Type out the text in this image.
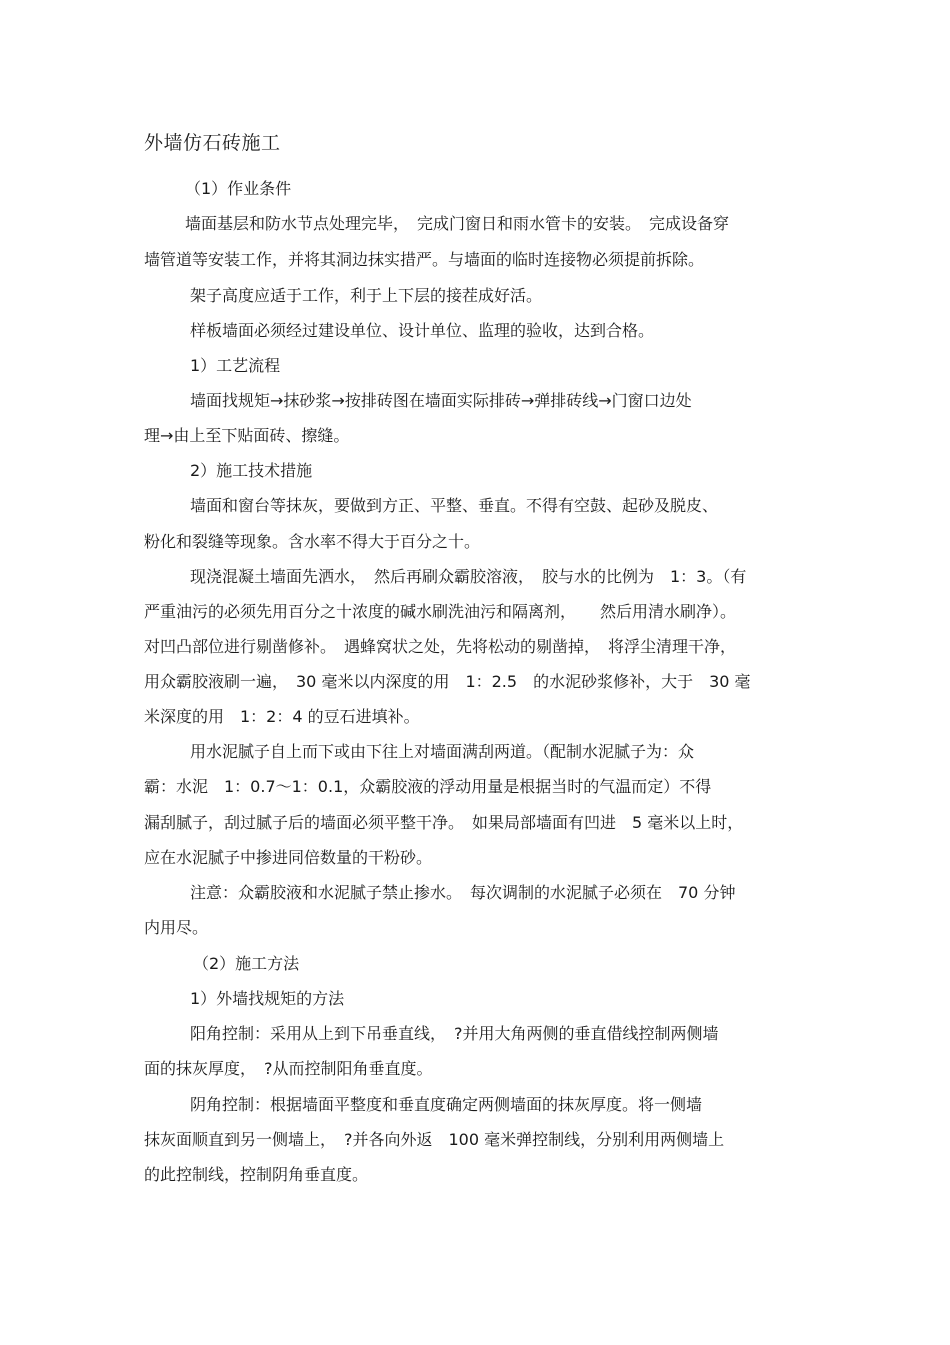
外墙仿石砖施工
（1）作业条件
墙面基层和防水节点处理完毕，　完成门窗日和雨水管卡的安装。　完成设备穿
墙管道等安装工作，并将其洞边抹实措严。与墙面的临时连接物必须提前拆除。
架子高度应适于工作，利于上下层的接茬成好活。
样板墙面必须经过建设单位、设计单位、监理的验收，达到合格。
1）工艺流程
墙面找规矩→抹砂浆→按排砖图在墙面实际排砖→弹排砖线→门窗口边处
理→由上至下贴面砖、擦缝。
2）施工技术措施
墙面和窗台等抹灰，要做到方正、平整、垂直。不得有空鼓、起砂及脱皮、
粉化和裂缝等现象。含水率不得大于百分之十。
现浇混凝土墙面先洒水，　然后再刷众霸胶溶液，　胶与水的比例为　1：3。（有
严重油污的必须先用百分之十浓度的碱水刷洗油污和隔离剂，　　然后用清水刷净）。
对凹凸部位进行剔凿修补。　遇蜂窝状之处，先将松动的剔凿掉，　将浮尘清理干净，
用众霸胶液刷一遍，　30 毫米以内深度的用　1：2.5　的水泥砂浆修补，大于　30 毫
米深度的用　1：2：4 的豆石进填补。
用水泥腻子自上而下或由下往上对墙面满刮两道。（配制水泥腻子为：众
霸：水泥　1：0.7～1：0.1，众霸胶液的浮动用量是根据当时的气温而定）不得
漏刮腻子，刮过腻子后的墙面必须平整干净。　如果局部墙面有凹进　5 毫米以上时，
应在水泥腻子中掺进同倍数量的干粉砂。
注意：众霸胶液和水泥腻子禁止掺水。　每次调制的水泥腻子必须在　70 分钟
内用尽。
（2）施工方法
1）外墙找规矩的方法
阳角控制：采用从上到下吊垂直线，　?并用大角两侧的垂直借线控制两侧墙
面的抹灰厚度，　?从而控制阳角垂直度。
阴角控制：根据墙面平整度和垂直度确定两侧墙面的抹灰厚度。将一侧墙
抹灰面顺直到另一侧墙上，　?并各向外返　100 毫米弹控制线，分别利用两侧墙上
的此控制线，控制阴角垂直度。
